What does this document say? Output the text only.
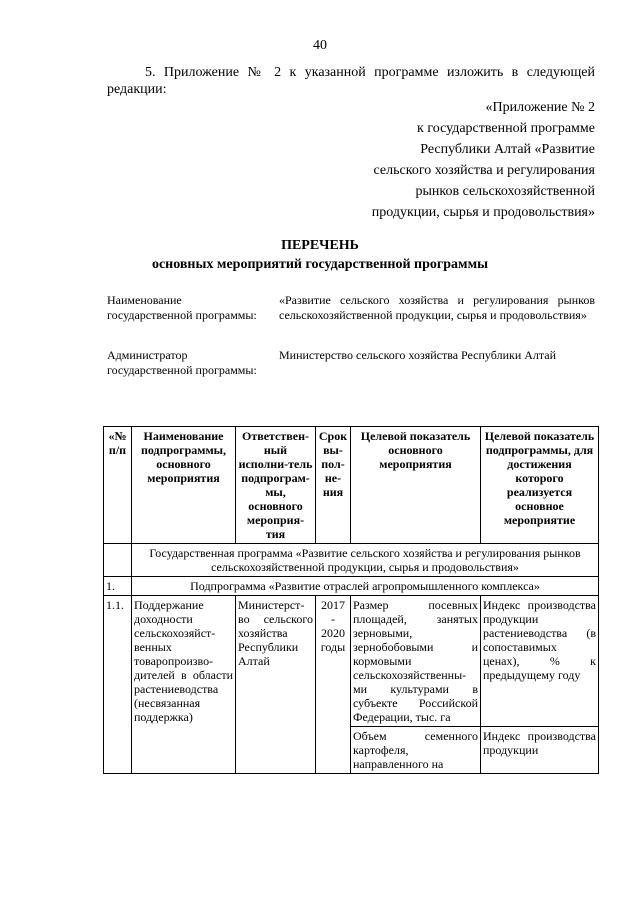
40
5. Приложение № 2 к указанной программе изложить в следующей редакции:
«Приложение № 2
к государственной программе
Республики Алтай «Развитие
сельского хозяйства и регулирования
рынков сельскохозяйственной
продукции, сырья и продовольствия»
ПЕРЕЧЕНЬ
основных мероприятий государственной программы
Наименование государственной программы:
«Развитие сельского хозяйства и регулирования рынков сельскохозяйственной продукции, сырья и продовольствия»
Администратор государственной программы:
Министерство сельского хозяйства Республики Алтай
«№ п/п	Наименование подпрограммы, основного мероприятия	Ответствен-ный исполни-тель подпрограм-мы, основного мероприя-тия	Срок вы-пол-не-ния	Целевой показатель основного мероприятия	Целевой показатель подпрограммы, для достижения которого реализуется основное мероприятие
	Государственная программа «Развитие сельского хозяйства и регулирования рынков сельскохозяйственной продукции, сырья и продовольствия»				
1.	Подпрограмма «Развитие отраслей агропромышленного комплекса»				
1.1.	Поддержание доходности сельскохозяйст-венных товаропроизво-дителей в области растениеводства (несвязанная поддержка)	Министерст-во сельского хозяйства Республики Алтай	2017 - 2020 годы	Размер посевных площадей, занятых зерновыми, зернобобовыми и кормовыми сельскохозяйственны-ми культурами в субъекте Российской Федерации, тыс. га	Индекс производства продукции растениеводства (в сопоставимых ценах), % к предыдущему году
				Объем семенного картофеля, направленного на	Индекс производства продукции
